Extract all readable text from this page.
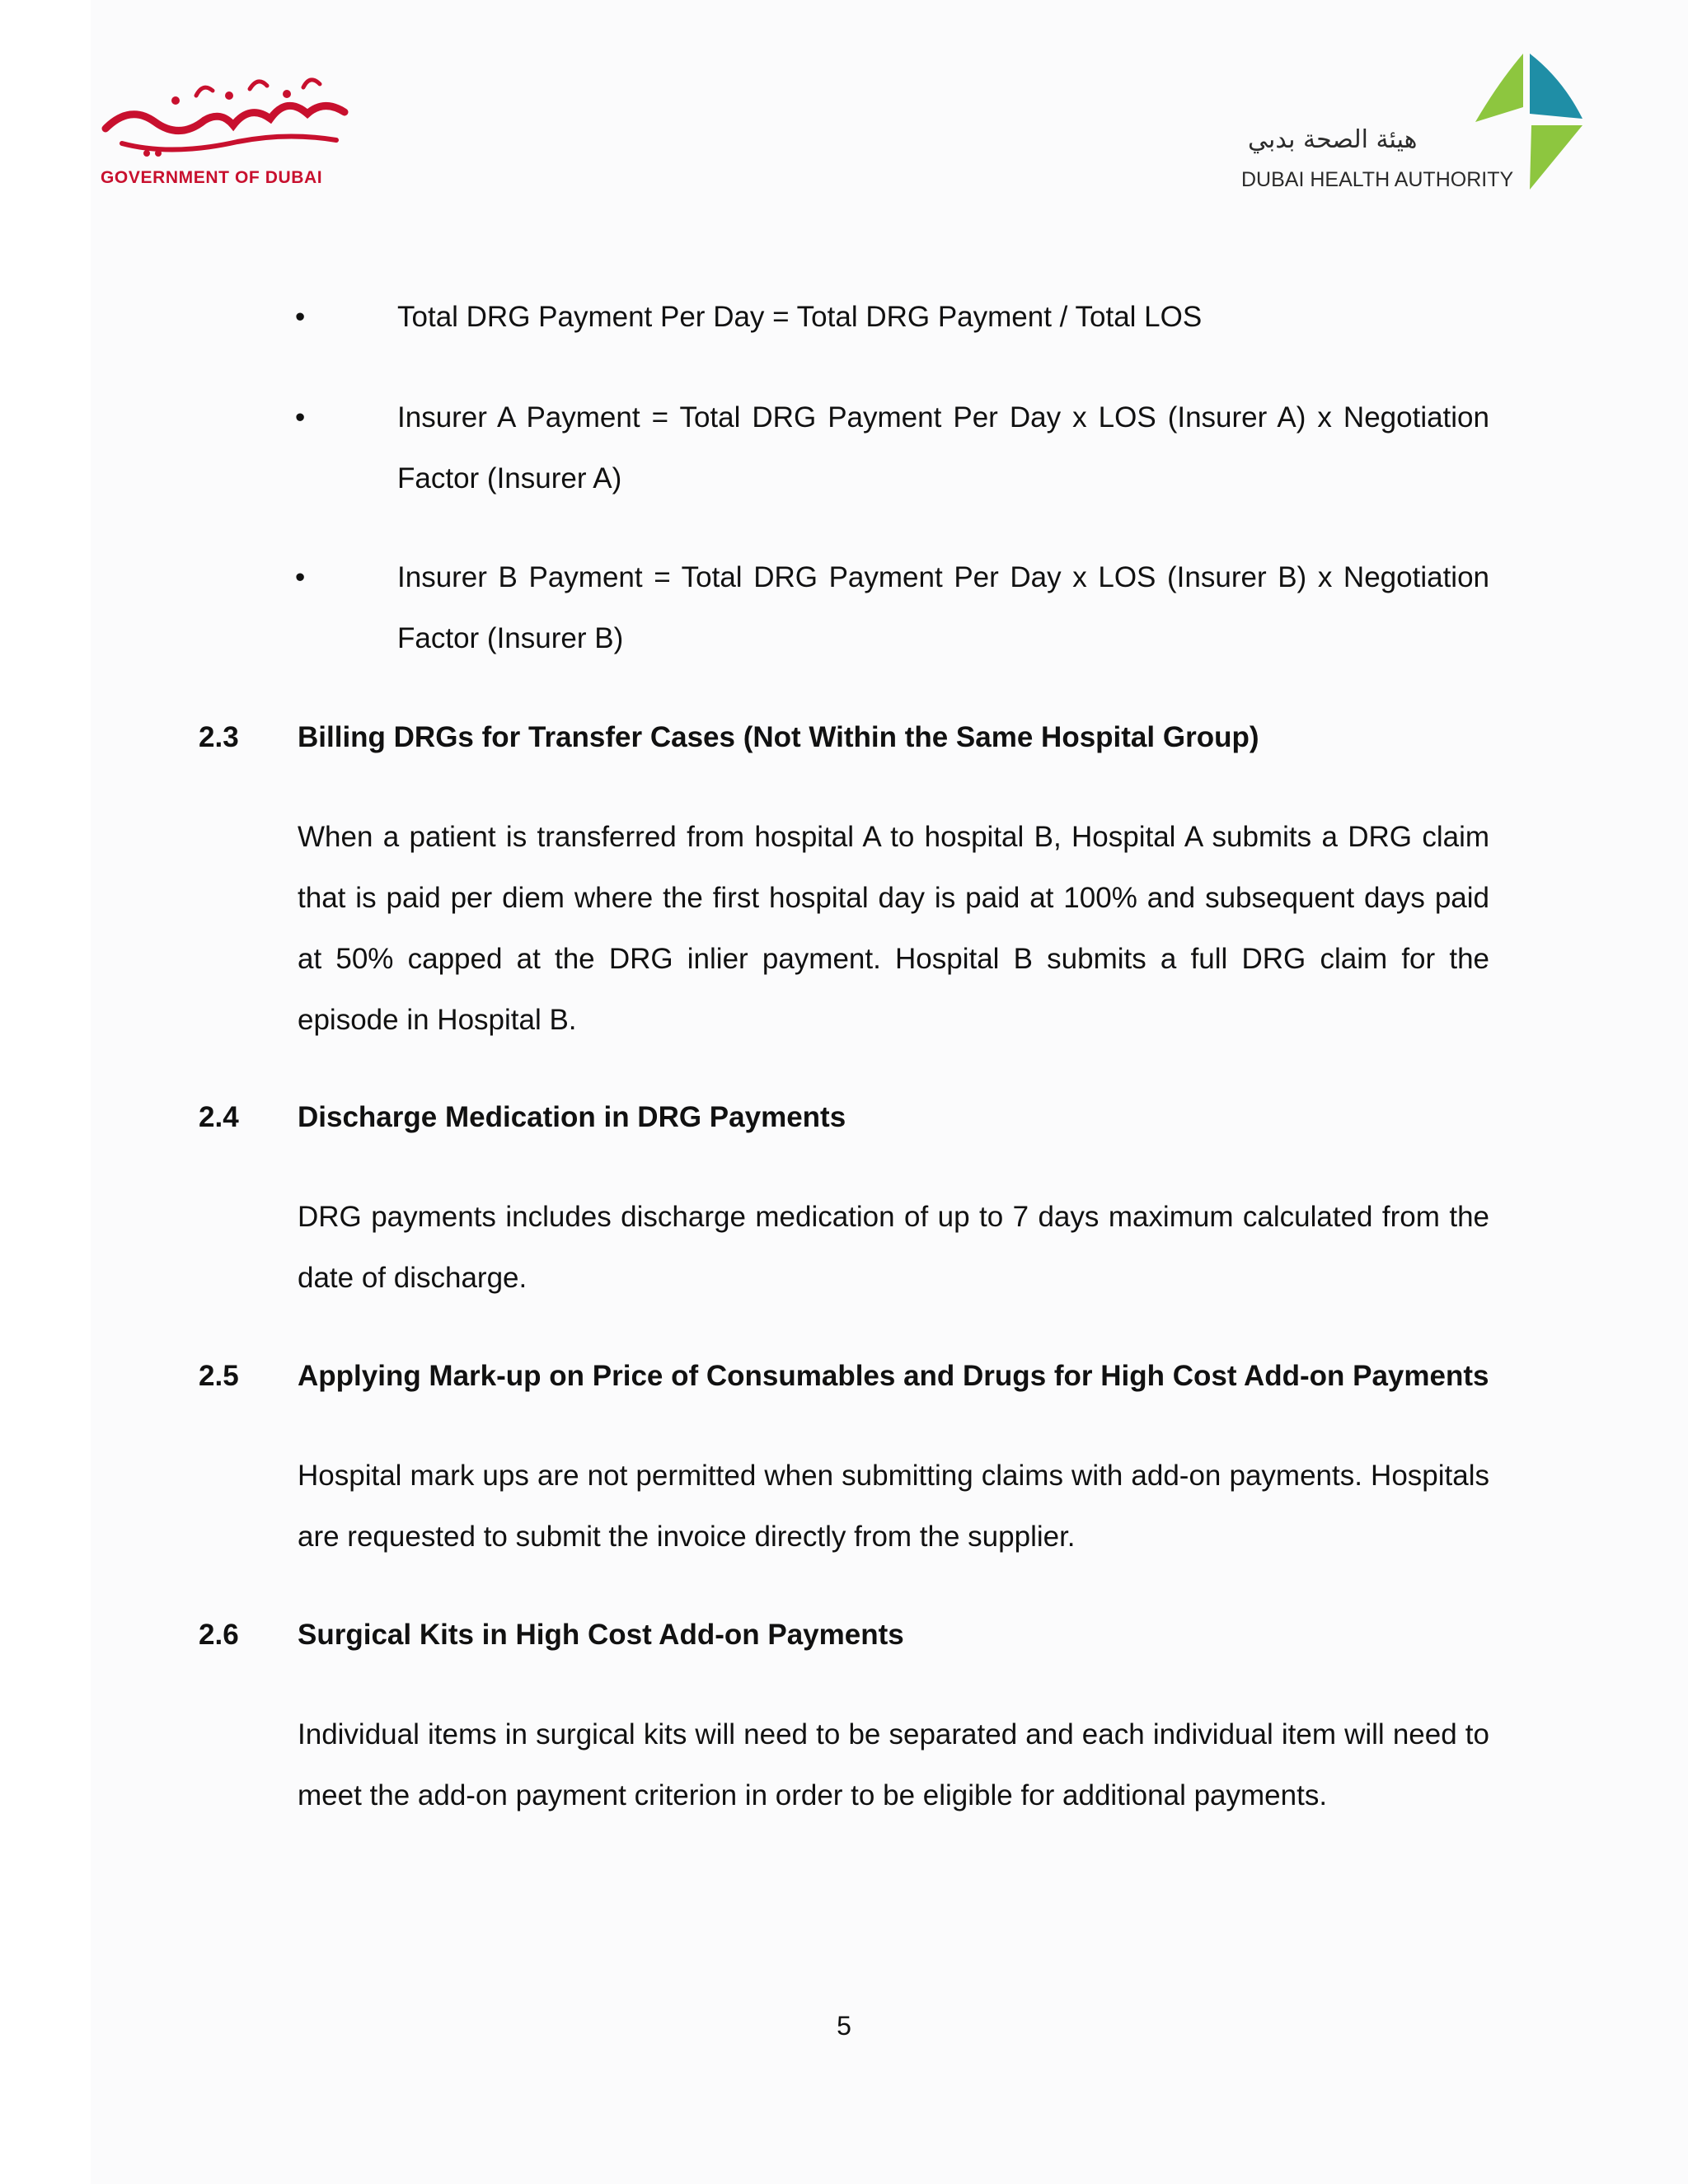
GOVERNMENT OF DUBAI
هيئة الصحة بدبي
DUBAI HEALTH AUTHORITY
•	Total DRG Payment Per Day = Total DRG Payment / Total LOS
•	Insurer A Payment = Total DRG Payment Per Day x LOS (Insurer A) x Negotiation Factor (Insurer A)
•	Insurer B Payment = Total DRG Payment Per Day x LOS (Insurer B) x Negotiation Factor (Insurer B)
2.3 Billing DRGs for Transfer Cases (Not Within the Same Hospital Group)
When a patient is transferred from hospital A to hospital B, Hospital A submits a DRG claim that is paid per diem where the first hospital day is paid at 100% and subsequent days paid at 50% capped at the DRG inlier payment. Hospital B submits a full DRG claim for the episode in Hospital B.
2.4 Discharge Medication in DRG Payments
DRG payments includes discharge medication of up to 7 days maximum calculated from the date of discharge.
2.5 Applying Mark-up on Price of Consumables and Drugs for High Cost Add-on Payments
Hospital mark ups are not permitted when submitting claims with add-on payments. Hospitals are requested to submit the invoice directly from the supplier.
2.6 Surgical Kits in High Cost Add-on Payments
Individual items in surgical kits will need to be separated and each individual item will need to meet the add-on payment criterion in order to be eligible for additional payments.
5
